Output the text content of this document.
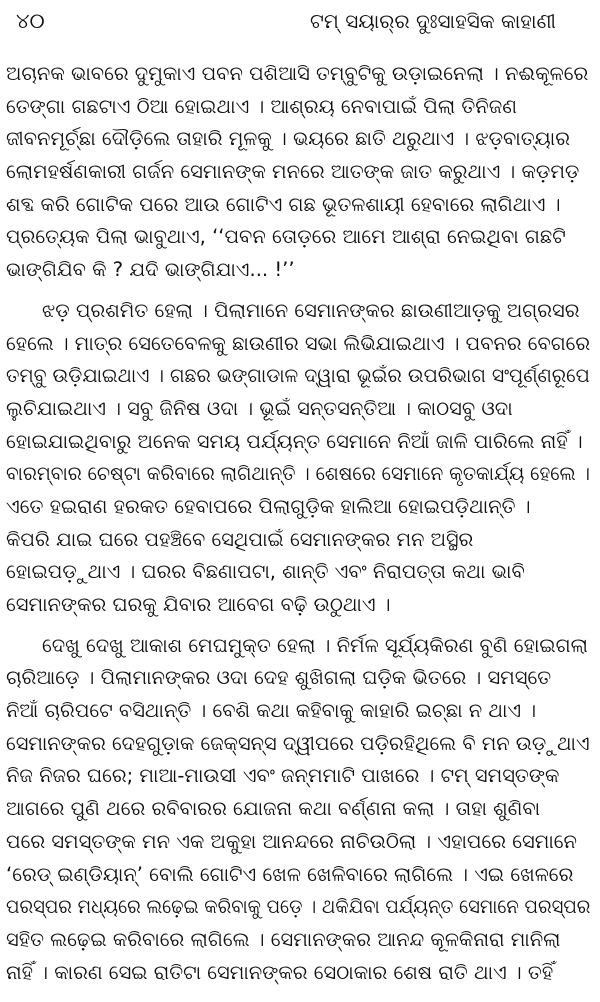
୪୦	ଟମ୍ ସୟାର୍‌ର ଦୁଃସାହସିକ କାହାଣୀ
ଅଚାନକ ଭାବରେ ଦୁମୁକାଏ ପବନ ପଶିଆସି ତମ୍ବୁଟିକୁ ଉଡ଼ାଇନେଲା । ନଈକୂଳରେ
ତେଙ୍ଗା ଗଛଟାଏ ଠିଆ ହୋଇଥାଏ । ଆଶ୍ରୟ ନେବାପାଇଁ ପିଲା ତିନିଜଣ
ଜୀବନମୂର୍ଚ୍ଛା ଦୌଡ଼ିଲେ ତାହାରି ମୂଳକୁ । ଭୟରେ ଛାତି ଥରୁଥାଏ । ଝଡ଼ବାତ୍ୟାର
ଲୋମହର୍ଷଣକାରୀ ଗର୍ଜନ ସେମାନଙ୍କ ମନରେ ଆତଙ୍କ ଜାତ କରୁଥାଏ । କଡ଼ମଡ଼
ଶବ୍ଦ କରି ଗୋଟିକ ପରେ ଆଉ ଗୋଟିଏ ଗଛ ଭୂତଳଶାୟୀ ହେବାରେ ଲାଗିଥାଏ ।
ପ୍ରତ୍ୟେକ ପିଲା ଭାବୁଥାଏ, ‘‘ପବନ ତୋଡ଼ରେ ଆମେ ଆଶ୍ରା ନେଇଥିବା ଗଛଟି
ଭାଙ୍ଗିଯିବ କି ? ଯଦି ଭାଙ୍ଗିଯାଏ... !’’
ଝଡ଼ ପ୍ରଶମିତ ହେଲା । ପିଲାମାନେ ସେମାନଙ୍କର ଛାଉଣୀଆଡ଼କୁ ଅଗ୍ରସର
ହେଲେ । ମାତ୍ର ସେତେବେଳକୁ ଛାଉଣୀର ସଭା ଲିଭିଯାଇଥାଏ । ପବନର ବେଗରେ
ତମ୍ବୁ ଉଡ଼ିଯାଇଥାଏ । ଗଛର ଭଙ୍ଗାଡାଳ ଦ୍ୱାରା ଭୂଇଁର ଉପରିଭାଗ ସଂପୂର୍ଣ୍ଣରୂପେ
ଲୁଚିଯାଇଥାଏ । ସବୁ ଜିନିଷ ଓଦା । ଭୂଇଁ ସନ୍ତସନ୍ତିଆ । କାଠସବୁ ଓଦା
ହୋଇଯାଇଥିବାରୁ ଅନେକ ସମୟ ପର୍ଯ୍ୟନ୍ତ ସେମାନେ ନିଆଁ ଜାଳି ପାରିଲେ ନାହିଁ ।
ବାରମ୍ବାର ଚେଷ୍ଟା କରିବାରେ ଲାଗିଥାନ୍ତି । ଶେଷରେ ସେମାନେ କୃତକାର୍ଯ୍ୟ ହେଲେ ।
ଏତେ ହଇରାଣ ହରକତ ହେବାପରେ ପିଲାଗୁଡ଼ିକ ହାଲିଆ ହୋଇପଡ଼ିଥାନ୍ତି ।
କିପରି ଯାଇ ଘରେ ପହଞ୍ଚିବେ ସେଥିପାଇଁ ସେମାନଙ୍କର ମନ ଅସ୍ଥିର
ହୋଇପଡ଼ୁଥାଏ । ଘରର ବିଛଣାପଟା, ଶାନ୍ତି ଏବଂ ନିରାପତ୍ତା କଥା ଭାବି
ସେମାନଙ୍କର ଘରକୁ ଯିବାର ଆବେଗ ବଢ଼ି ଉଠୁଥାଏ ।
ଦେଖୁ ଦେଖୁ ଆକାଶ ମେଘମୁକ୍ତ ହେଲା । ନିର୍ମଳ ସୂର୍ଯ୍ୟକିରଣ ବୁଣି ହୋଇଗଲା
ଚାରିଆଡ଼େ । ପିଲାମାନଙ୍କର ଓଦା ଦେହ ଶୁଖିଗଲା ଘଡ଼ିକ ଭିତରେ । ସମସ୍ତେ
ନିଆଁ ଚାରିପଟେ ବସିଥାନ୍ତି । ବେଶି କଥା କହିବାକୁ କାହାରି ଇଚ୍ଛା ନ ଥାଏ ।
ସେମାନଙ୍କର ଦେହଗୁଡ଼ାକ ଜେକ୍‌ସନ୍‌ସ ଦ୍ୱୀପରେ ପଡ଼ିରହିଥିଲେ ବି ମନ ଉଡ଼ୁଥାଏ
ନିଜ ନିଜର ଘରେ; ମାଆ-ମାଉସୀ ଏବଂ ଜନ୍ମମାଟି ପାଖରେ । ଟମ୍ ସମସ୍ତଙ୍କ
ଆଗରେ ପୁଣି ଥରେ ରବିବାରର ଯୋଜନା କଥା ବର୍ଣ୍ଣନା କଲା । ତାହା ଶୁଣିବା
ପରେ ସମସ୍ତଙ୍କ ମନ ଏକ ଅକୁହା ଆନନ୍ଦରେ ନାଚିଉଠିଲା । ଏହାପରେ ସେମାନେ
‘ରେଡ୍ ଇଣ୍ଡିୟାନ୍’ ବୋଲି ଗୋଟିଏ ଖେଳ ଖେଳିବାରେ ଲାଗିଲେ । ଏଇ ଖେଳରେ
ପରସ୍ପର ମଧ୍ୟରେ ଲଢ଼େଇ କରିବାକୁ ପଡ଼େ । ଥକିଯିବା ପର୍ଯ୍ୟନ୍ତ ସେମାନେ ପରସ୍ପର
ସହିତ ଲଢ଼େଇ କରିବାରେ ଲାଗିଲେ । ସେମାନଙ୍କର ଆନନ୍ଦ କୂଳକିନାରା ମାନିଲା
ନାହିଁ । କାରଣ ସେଇ ରାତିଟା ସେମାନଙ୍କର ସେଠାକାର ଶେଷ ରାତି ଥାଏ । ତହିଁ
